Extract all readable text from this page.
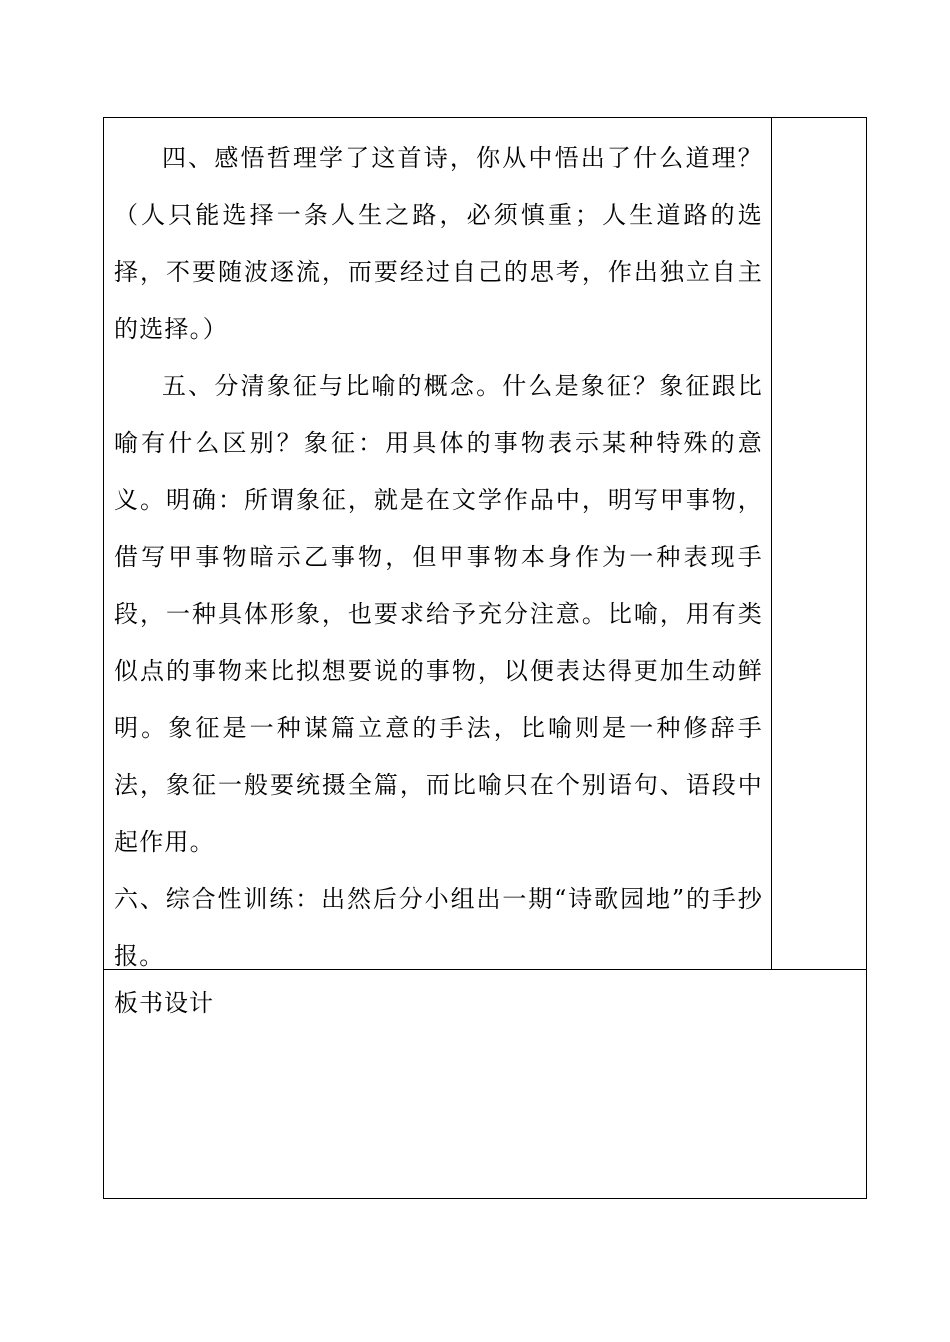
四、感悟哲理学了这首诗，你从中悟出了什么道理？（人只能选择一条人生之路，必须慎重；人生道路的选择，不要随波逐流，而要经过自己的思考，作出独立自主的选择。）

五、分清象征与比喻的概念。什么是象征？象征跟比喻有什么区别？象征：用具体的事物表示某种特殊的意义。明确：所谓象征，就是在文学作品中，明写甲事物，借写甲事物暗示乙事物，但甲事物本身作为一种表现手段，一种具体形象，也要求给予充分注意。比喻，用有类似点的事物来比拟想要说的事物，以便表达得更加生动鲜明。象征是一种谋篇立意的手法，比喻则是一种修辞手法，象征一般要统摄全篇，而比喻只在个别语句、语段中起作用。

六、综合性训练：出然后分小组出一期“诗歌园地”的手抄报。

板书设计
